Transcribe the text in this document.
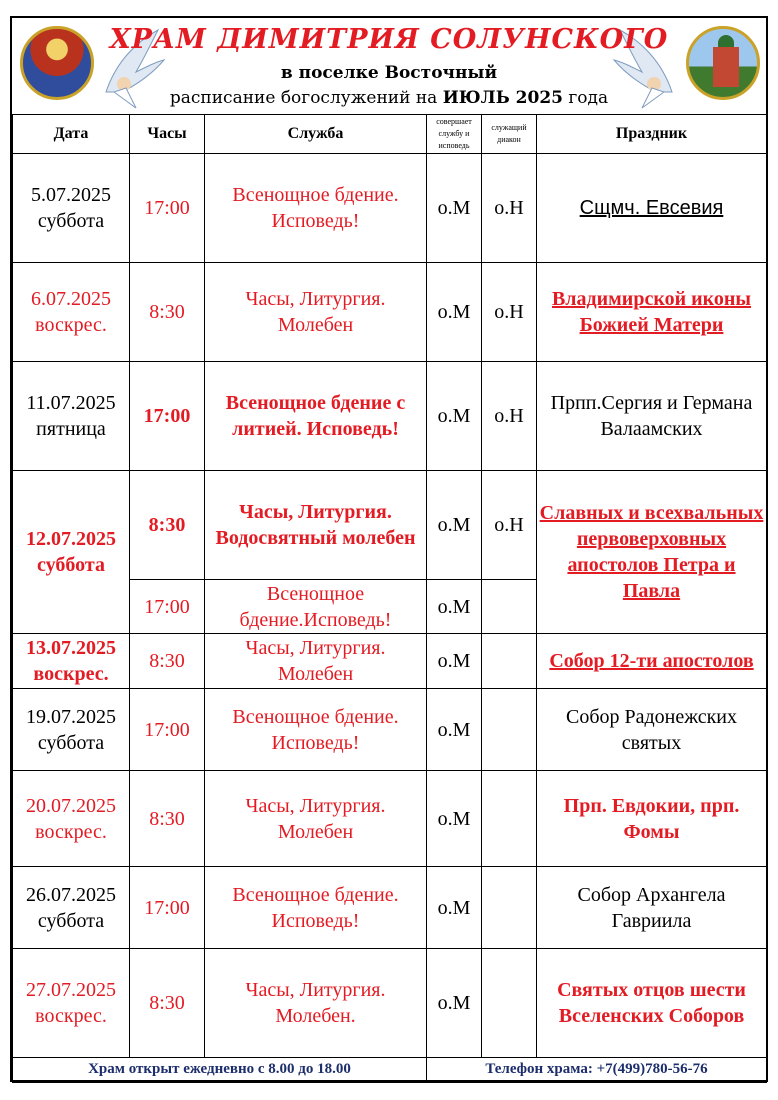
ХРАМ ДИМИТРИЯ СОЛУНСКОГО
в поселке Восточный
расписание богослужений на ИЮЛЬ 2025 года
Дата	Часы	Служба	совершает службу и исповедь	служащий диакон	Праздник
5.07.2025
суббота	17:00	Всенощное бдение. Исповедь!	о.М	о.Н	Сщмч. Евсевия
6.07.2025
воскрес.	8:30	Часы, Литургия. Молебен	о.М	о.Н	Владимирской иконы Божией Матери
11.07.2025
пятница	17:00	Всенощное бдение с литией. Исповедь!	о.М	о.Н	Прпп.Сергия и Германа Валаамских
12.07.2025
суббота	8:30	Часы, Литургия. Водосвятный молебен	о.М	о.Н	Славных и всехвальных первоверховных апостолов Петра и Павла
	17:00	Всенощное бдение.Исповедь!	о.М		
13.07.2025
воскрес.	8:30	Часы, Литургия. Молебен	о.М		Собор 12-ти апостолов
19.07.2025
суббота	17:00	Всенощное бдение. Исповедь!	о.М		Собор Радонежских святых
20.07.2025
воскрес.	8:30	Часы, Литургия. Молебен	о.М		Прп. Евдокии, прп. Фомы
26.07.2025
суббота	17:00	Всенощное бдение. Исповедь!	о.М		Собор Архангела Гавриила
27.07.2025
воскрес.	8:30	Часы, Литургия. Молебен.	о.М		Святых отцов шести Вселенских Соборов
Храм открыт ежедневно с 8.00 до 18.00			Телефон храма: +7(499)780-56-76		
